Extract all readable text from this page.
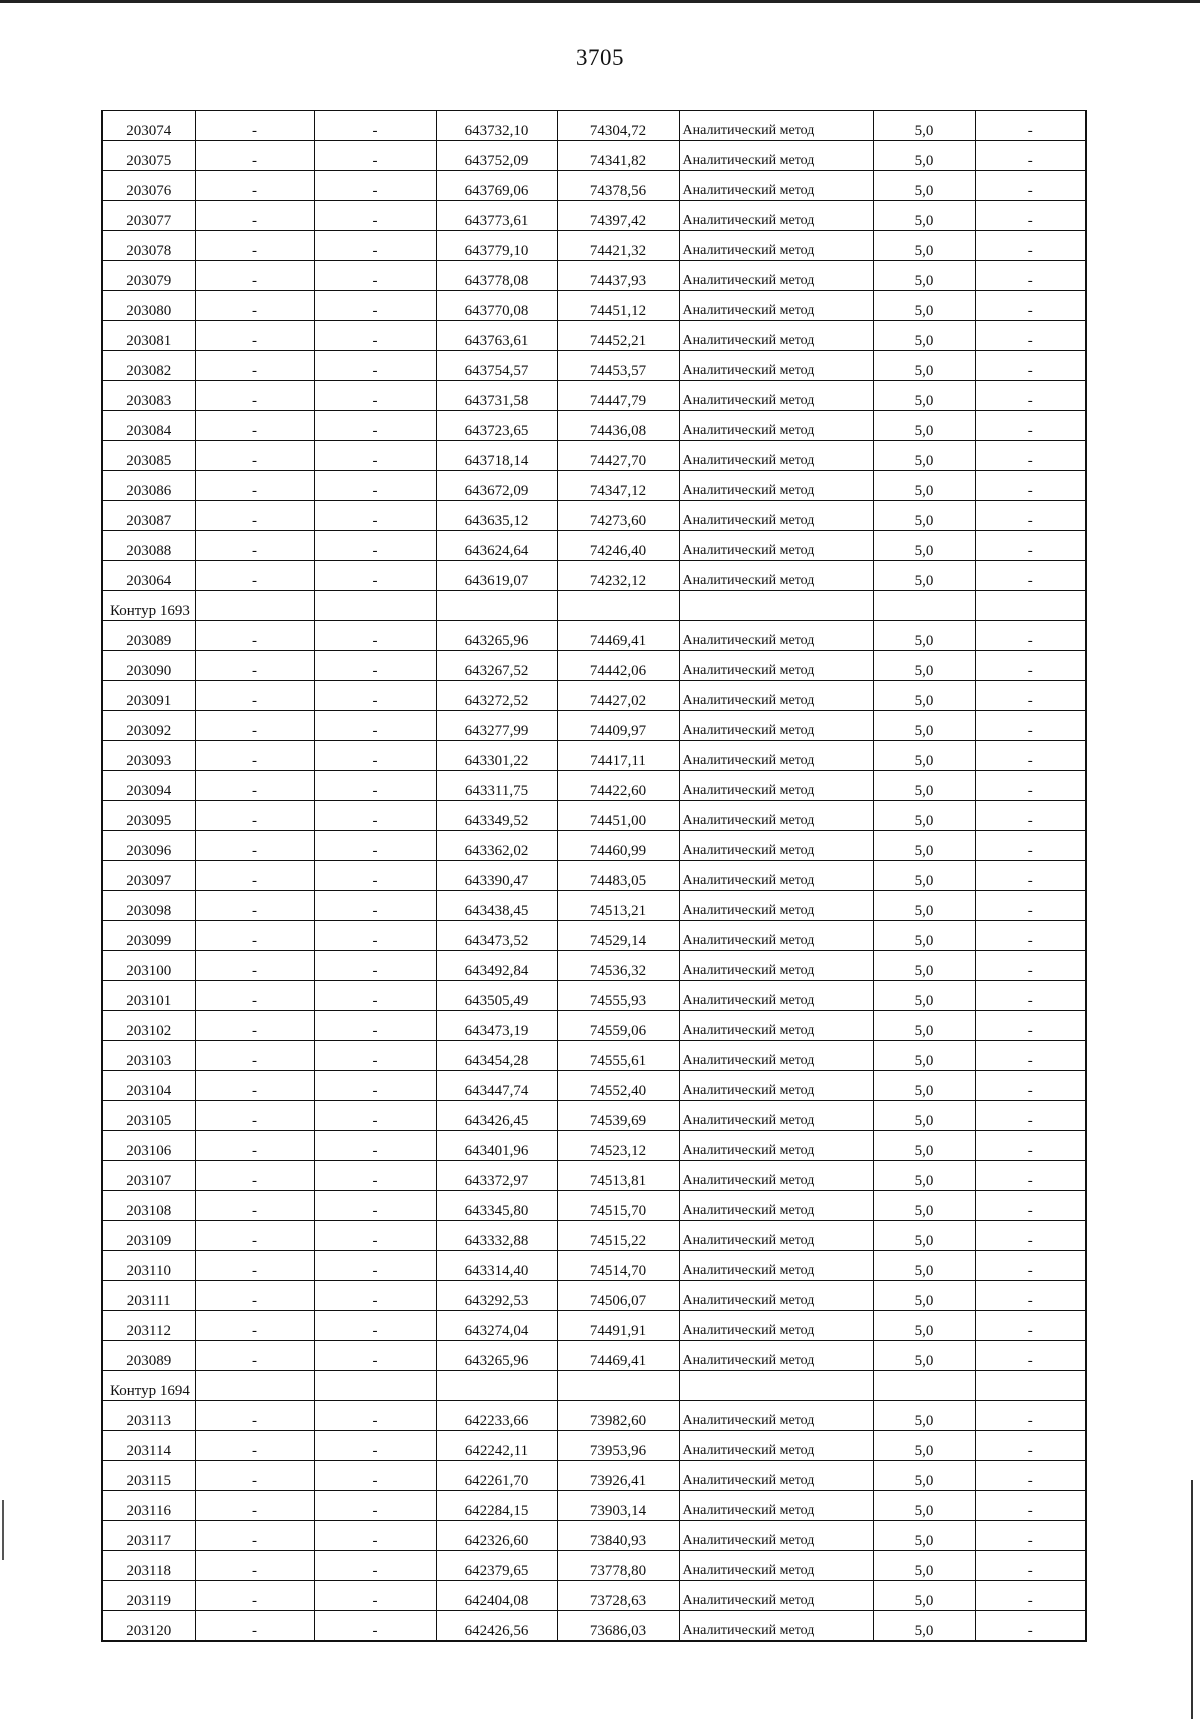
3705
203074	-	-	643732,10	74304,72	Аналитический метод	5,0	-
203075	-	-	643752,09	74341,82	Аналитический метод	5,0	-
203076	-	-	643769,06	74378,56	Аналитический метод	5,0	-
203077	-	-	643773,61	74397,42	Аналитический метод	5,0	-
203078	-	-	643779,10	74421,32	Аналитический метод	5,0	-
203079	-	-	643778,08	74437,93	Аналитический метод	5,0	-
203080	-	-	643770,08	74451,12	Аналитический метод	5,0	-
203081	-	-	643763,61	74452,21	Аналитический метод	5,0	-
203082	-	-	643754,57	74453,57	Аналитический метод	5,0	-
203083	-	-	643731,58	74447,79	Аналитический метод	5,0	-
203084	-	-	643723,65	74436,08	Аналитический метод	5,0	-
203085	-	-	643718,14	74427,70	Аналитический метод	5,0	-
203086	-	-	643672,09	74347,12	Аналитический метод	5,0	-
203087	-	-	643635,12	74273,60	Аналитический метод	5,0	-
203088	-	-	643624,64	74246,40	Аналитический метод	5,0	-
203064	-	-	643619,07	74232,12	Аналитический метод	5,0	-
Контур 1693							
203089	-	-	643265,96	74469,41	Аналитический метод	5,0	-
203090	-	-	643267,52	74442,06	Аналитический метод	5,0	-
203091	-	-	643272,52	74427,02	Аналитический метод	5,0	-
203092	-	-	643277,99	74409,97	Аналитический метод	5,0	-
203093	-	-	643301,22	74417,11	Аналитический метод	5,0	-
203094	-	-	643311,75	74422,60	Аналитический метод	5,0	-
203095	-	-	643349,52	74451,00	Аналитический метод	5,0	-
203096	-	-	643362,02	74460,99	Аналитический метод	5,0	-
203097	-	-	643390,47	74483,05	Аналитический метод	5,0	-
203098	-	-	643438,45	74513,21	Аналитический метод	5,0	-
203099	-	-	643473,52	74529,14	Аналитический метод	5,0	-
203100	-	-	643492,84	74536,32	Аналитический метод	5,0	-
203101	-	-	643505,49	74555,93	Аналитический метод	5,0	-
203102	-	-	643473,19	74559,06	Аналитический метод	5,0	-
203103	-	-	643454,28	74555,61	Аналитический метод	5,0	-
203104	-	-	643447,74	74552,40	Аналитический метод	5,0	-
203105	-	-	643426,45	74539,69	Аналитический метод	5,0	-
203106	-	-	643401,96	74523,12	Аналитический метод	5,0	-
203107	-	-	643372,97	74513,81	Аналитический метод	5,0	-
203108	-	-	643345,80	74515,70	Аналитический метод	5,0	-
203109	-	-	643332,88	74515,22	Аналитический метод	5,0	-
203110	-	-	643314,40	74514,70	Аналитический метод	5,0	-
203111	-	-	643292,53	74506,07	Аналитический метод	5,0	-
203112	-	-	643274,04	74491,91	Аналитический метод	5,0	-
203089	-	-	643265,96	74469,41	Аналитический метод	5,0	-
Контур 1694							
203113	-	-	642233,66	73982,60	Аналитический метод	5,0	-
203114	-	-	642242,11	73953,96	Аналитический метод	5,0	-
203115	-	-	642261,70	73926,41	Аналитический метод	5,0	-
203116	-	-	642284,15	73903,14	Аналитический метод	5,0	-
203117	-	-	642326,60	73840,93	Аналитический метод	5,0	-
203118	-	-	642379,65	73778,80	Аналитический метод	5,0	-
203119	-	-	642404,08	73728,63	Аналитический метод	5,0	-
203120	-	-	642426,56	73686,03	Аналитический метод	5,0	-
